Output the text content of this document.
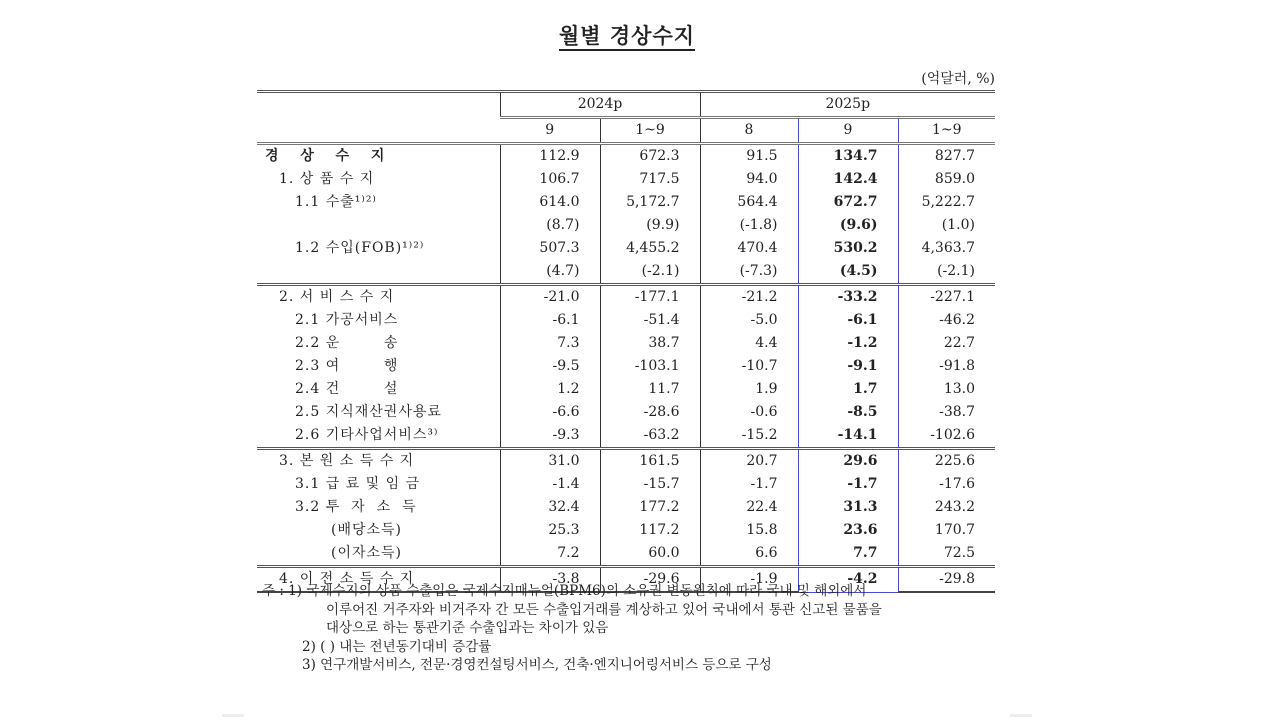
월별 경상수지
(억달러, %)
	2024p		2025p		
	9	1~9	8	9	1~9
경  상  수  지	112.9	672.3	91.5	134.7	827.7
1. 상 품 수 지	106.7	717.5	94.0	142.4	859.0
1.1 수출¹⁾²⁾	614.0	5,172.7	564.4	672.7	5,222.7
	(8.7)	(9.9)	(-1.8)	(9.6)	(1.0)
1.2 수입(FOB)¹⁾²⁾	507.3	4,455.2	470.4	530.2	4,363.7
	(4.7)	(-2.1)	(-7.3)	(4.5)	(-2.1)
2. 서 비 스 수 지	-21.0	-177.1	-21.2	-33.2	-227.1
2.1 가공서비스	-6.1	-51.4	-5.0	-6.1	-46.2
2.2 운        송	7.3	38.7	4.4	-1.2	22.7
2.3 여        행	-9.5	-103.1	-10.7	-9.1	-91.8
2.4 건        설	1.2	11.7	1.9	1.7	13.0
2.5 지식재산권사용료	-6.6	-28.6	-0.6	-8.5	-38.7
2.6 기타사업서비스³⁾	-9.3	-63.2	-15.2	-14.1	-102.6
3. 본 원 소 득 수 지	31.0	161.5	20.7	29.6	225.6
3.1 급 료 및 임 금	-1.4	-15.7	-1.7	-1.7	-17.6
3.2 투  자  소  득	32.4	177.2	22.4	31.3	243.2
(배당소득)	25.3	117.2	15.8	23.6	170.7
(이자소득)	7.2	60.0	6.6	7.7	72.5
4. 이 전 소 득 수 지	-3.8	-29.6	-1.9	-4.2	-29.8
주 : 1) 국제수지의 상품 수출입은 국제수지매뉴얼(BPM6)의 소유권 변동원칙에 따라 국내 및 해외에서
이루어진 거주자와 비거주자 간 모든 수출입거래를 계상하고 있어 국내에서 통관 신고된 물품을
대상으로 하는 통관기준 수출입과는 차이가 있음
2) ( ) 내는 전년동기대비 증감률
3) 연구개발서비스, 전문·경영컨설팅서비스, 건축·엔지니어링서비스 등으로 구성
